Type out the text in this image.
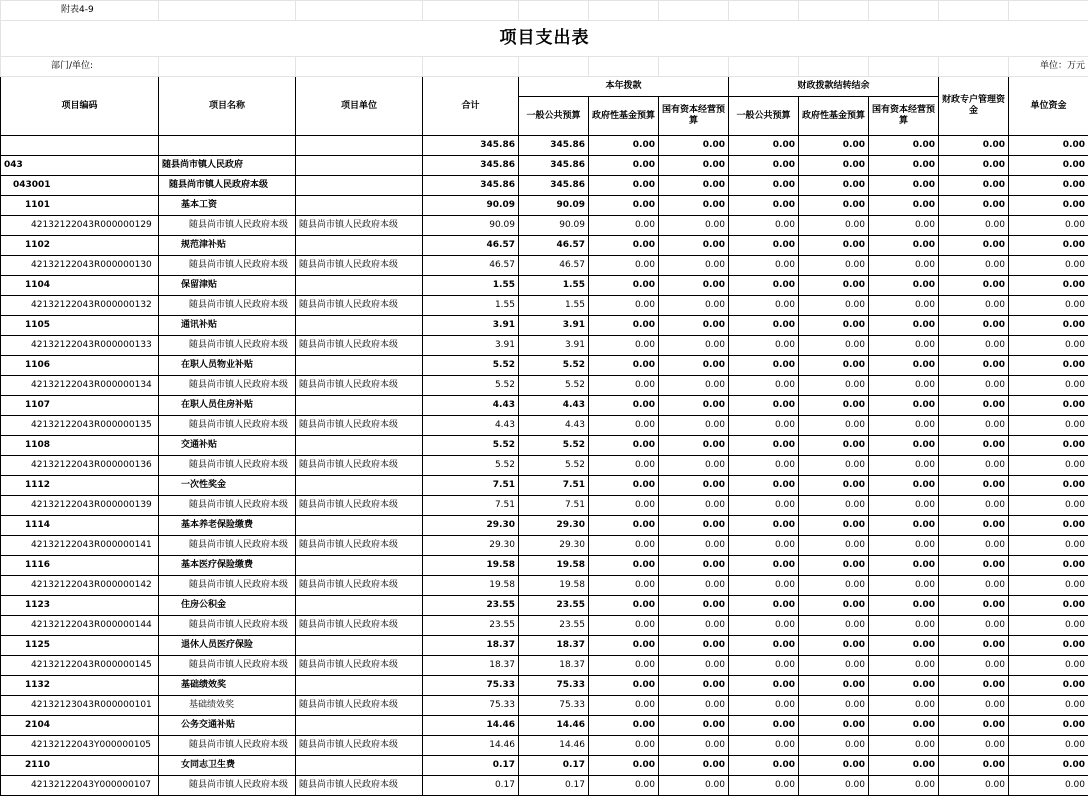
附表4-9											
项目支出表											
部门/单位:											单位：万元
项目编码	项目名称	项目单位	合计	本年拨款			财政拨款结转结余			财政专户管理资金	单位资金
				一般公共预算	政府性基金预算	国有资本经营预算	一般公共预算	政府性基金预算	国有资本经营预算		
			345.86	345.86	0.00	0.00	0.00	0.00	0.00	0.00	0.00
043	随县尚市镇人民政府		345.86	345.86	0.00	0.00	0.00	0.00	0.00	0.00	0.00
043001	随县尚市镇人民政府本级		345.86	345.86	0.00	0.00	0.00	0.00	0.00	0.00	0.00
1101	基本工资		90.09	90.09	0.00	0.00	0.00	0.00	0.00	0.00	0.00
42132122043R000000129	随县尚市镇人民政府本级	随县尚市镇人民政府本级	90.09	90.09	0.00	0.00	0.00	0.00	0.00	0.00	0.00
1102	规范津补贴		46.57	46.57	0.00	0.00	0.00	0.00	0.00	0.00	0.00
42132122043R000000130	随县尚市镇人民政府本级	随县尚市镇人民政府本级	46.57	46.57	0.00	0.00	0.00	0.00	0.00	0.00	0.00
1104	保留津贴		1.55	1.55	0.00	0.00	0.00	0.00	0.00	0.00	0.00
42132122043R000000132	随县尚市镇人民政府本级	随县尚市镇人民政府本级	1.55	1.55	0.00	0.00	0.00	0.00	0.00	0.00	0.00
1105	通讯补贴		3.91	3.91	0.00	0.00	0.00	0.00	0.00	0.00	0.00
42132122043R000000133	随县尚市镇人民政府本级	随县尚市镇人民政府本级	3.91	3.91	0.00	0.00	0.00	0.00	0.00	0.00	0.00
1106	在职人员物业补贴		5.52	5.52	0.00	0.00	0.00	0.00	0.00	0.00	0.00
42132122043R000000134	随县尚市镇人民政府本级	随县尚市镇人民政府本级	5.52	5.52	0.00	0.00	0.00	0.00	0.00	0.00	0.00
1107	在职人员住房补贴		4.43	4.43	0.00	0.00	0.00	0.00	0.00	0.00	0.00
42132122043R000000135	随县尚市镇人民政府本级	随县尚市镇人民政府本级	4.43	4.43	0.00	0.00	0.00	0.00	0.00	0.00	0.00
1108	交通补贴		5.52	5.52	0.00	0.00	0.00	0.00	0.00	0.00	0.00
42132122043R000000136	随县尚市镇人民政府本级	随县尚市镇人民政府本级	5.52	5.52	0.00	0.00	0.00	0.00	0.00	0.00	0.00
1112	一次性奖金		7.51	7.51	0.00	0.00	0.00	0.00	0.00	0.00	0.00
42132122043R000000139	随县尚市镇人民政府本级	随县尚市镇人民政府本级	7.51	7.51	0.00	0.00	0.00	0.00	0.00	0.00	0.00
1114	基本养老保险缴费		29.30	29.30	0.00	0.00	0.00	0.00	0.00	0.00	0.00
42132122043R000000141	随县尚市镇人民政府本级	随县尚市镇人民政府本级	29.30	29.30	0.00	0.00	0.00	0.00	0.00	0.00	0.00
1116	基本医疗保险缴费		19.58	19.58	0.00	0.00	0.00	0.00	0.00	0.00	0.00
42132122043R000000142	随县尚市镇人民政府本级	随县尚市镇人民政府本级	19.58	19.58	0.00	0.00	0.00	0.00	0.00	0.00	0.00
1123	住房公积金		23.55	23.55	0.00	0.00	0.00	0.00	0.00	0.00	0.00
42132122043R000000144	随县尚市镇人民政府本级	随县尚市镇人民政府本级	23.55	23.55	0.00	0.00	0.00	0.00	0.00	0.00	0.00
1125	退休人员医疗保险		18.37	18.37	0.00	0.00	0.00	0.00	0.00	0.00	0.00
42132122043R000000145	随县尚市镇人民政府本级	随县尚市镇人民政府本级	18.37	18.37	0.00	0.00	0.00	0.00	0.00	0.00	0.00
1132	基础绩效奖		75.33	75.33	0.00	0.00	0.00	0.00	0.00	0.00	0.00
42132123043R000000101	基础绩效奖	随县尚市镇人民政府本级	75.33	75.33	0.00	0.00	0.00	0.00	0.00	0.00	0.00
2104	公务交通补贴		14.46	14.46	0.00	0.00	0.00	0.00	0.00	0.00	0.00
42132122043Y000000105	随县尚市镇人民政府本级	随县尚市镇人民政府本级	14.46	14.46	0.00	0.00	0.00	0.00	0.00	0.00	0.00
2110	女同志卫生费		0.17	0.17	0.00	0.00	0.00	0.00	0.00	0.00	0.00
42132122043Y000000107	随县尚市镇人民政府本级	随县尚市镇人民政府本级	0.17	0.17	0.00	0.00	0.00	0.00	0.00	0.00	0.00
